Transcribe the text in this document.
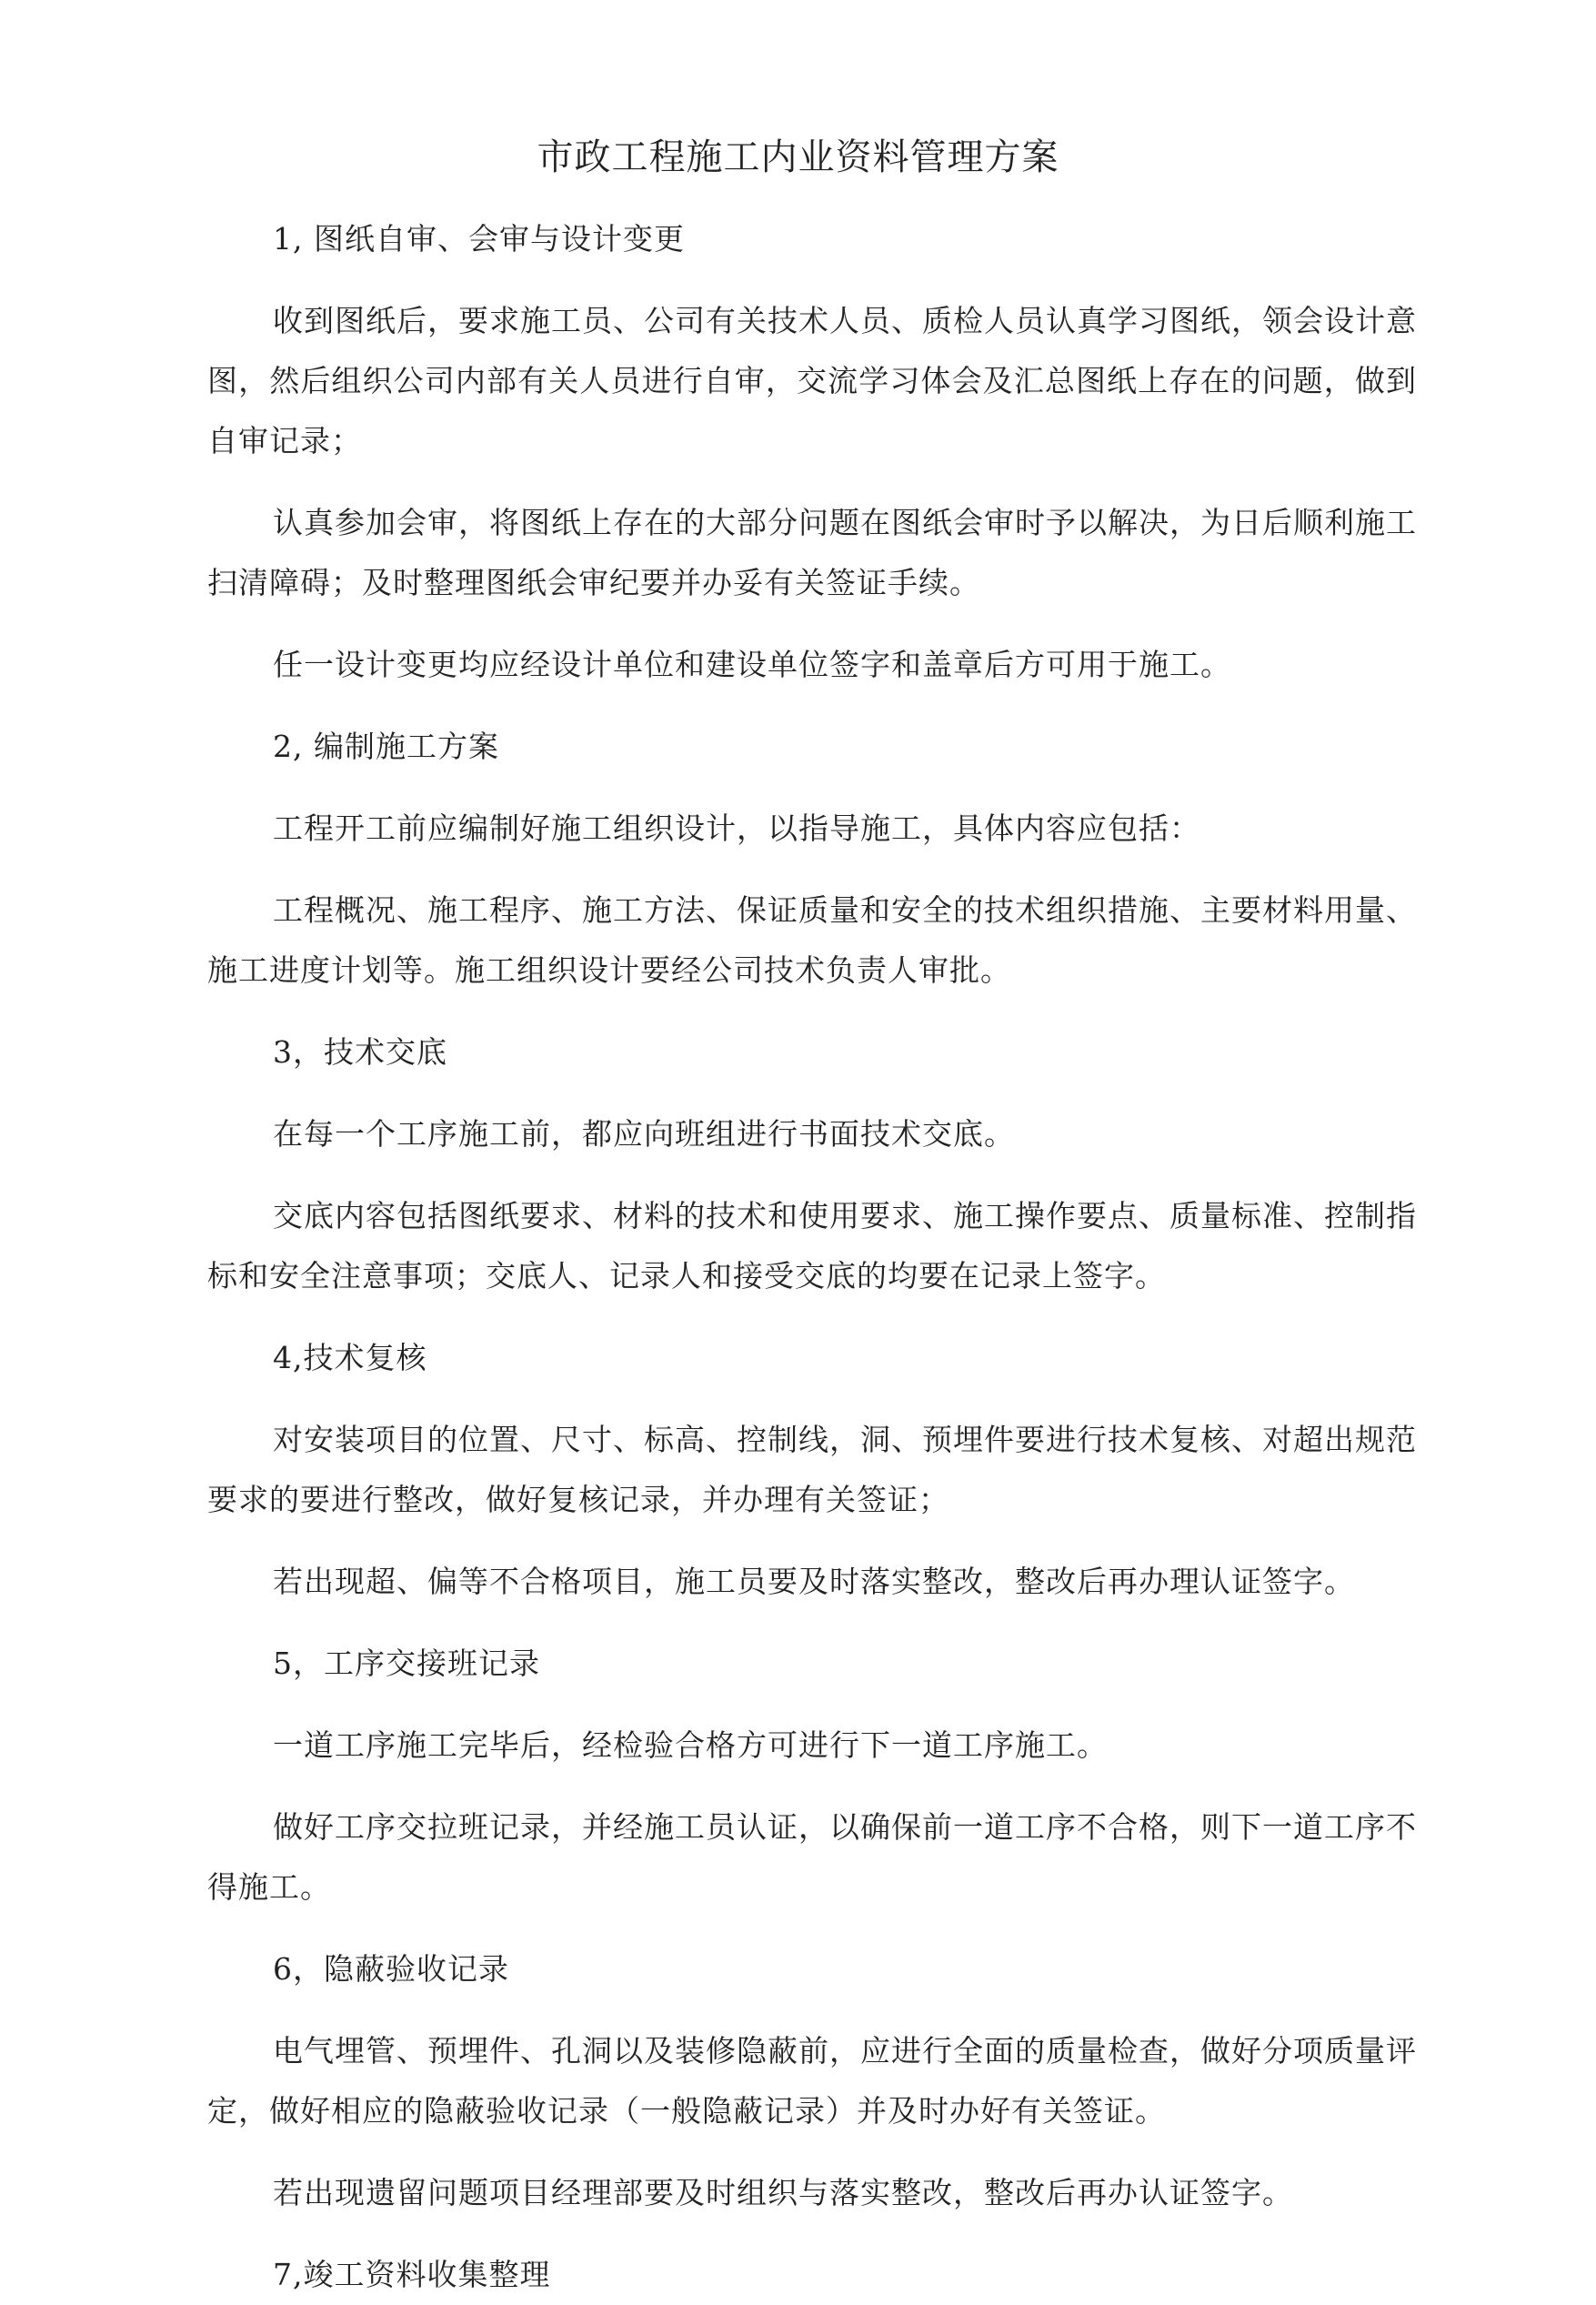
市政工程施工内业资料管理方案

1, 图纸自审、会审与设计变更

收到图纸后，要求施工员、公司有关技术人员、质检人员认真学习图纸，领会设计意图，然后组织公司内部有关人员进行自审，交流学习体会及汇总图纸上存在的问题，做到自审记录；

认真参加会审，将图纸上存在的大部分问题在图纸会审时予以解决，为日后顺利施工扫清障碍；及时整理图纸会审纪要并办妥有关签证手续。

任一设计变更均应经设计单位和建设单位签字和盖章后方可用于施工。

2, 编制施工方案

工程开工前应编制好施工组织设计，以指导施工，具体内容应包括：

工程概况、施工程序、施工方法、保证质量和安全的技术组织措施、主要材料用量、施工进度计划等。施工组织设计要经公司技术负责人审批。

3，技术交底

在每一个工序施工前，都应向班组进行书面技术交底。

交底内容包括图纸要求、材料的技术和使用要求、施工操作要点、质量标准、控制指标和安全注意事项；交底人、记录人和接受交底的均要在记录上签字。

4,技术复核

对安装项目的位置、尺寸、标高、控制线，洞、预埋件要进行技术复核、对超出规范要求的要进行整改，做好复核记录，并办理有关签证；

若出现超、偏等不合格项目，施工员要及时落实整改，整改后再办理认证签字。

5，工序交接班记录

一道工序施工完毕后，经检验合格方可进行下一道工序施工。

做好工序交拉班记录，并经施工员认证，以确保前一道工序不合格，则下一道工序不得施工。

6，隐蔽验收记录

电气埋管、预埋件、孔洞以及装修隐蔽前，应进行全面的质量检查，做好分项质量评定，做好相应的隐蔽验收记录（一般隐蔽记录）并及时办好有关签证。

若出现遗留问题项目经理部要及时组织与落实整改，整改后再办认证签字。

7,竣工资料收集整理
